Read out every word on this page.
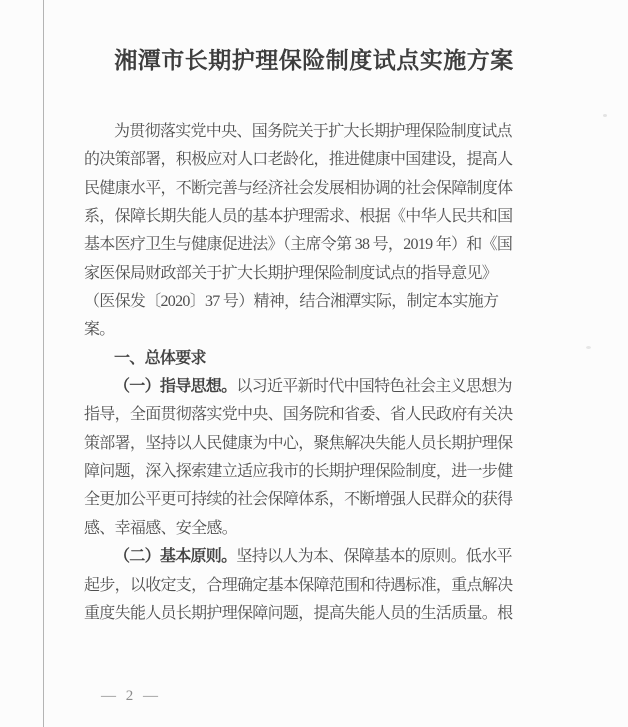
湘潭市长期护理保险制度试点实施方案
为贯彻落实党中央、国务院关于扩大长期护理保险制度试点
的决策部署，积极应对人口老龄化，推进健康中国建设，提高人
民健康水平，不断完善与经济社会发展相协调的社会保障制度体
系，保障长期失能人员的基本护理需求、根据《中华人民共和国
基本医疗卫生与健康促进法》（主席令第 38 号，2019 年）和《国
家医保局财政部关于扩大长期护理保险制度试点的指导意见》
（医保发〔2020〕37 号）精神，结合湘潭实际，制定本实施方
案。
一、总体要求
（一）指导思想。以习近平新时代中国特色社会主义思想为
指导，全面贯彻落实党中央、国务院和省委、省人民政府有关决
策部署，坚持以人民健康为中心，聚焦解决失能人员长期护理保
障问题，深入探索建立适应我市的长期护理保险制度，进一步健
全更加公平更可持续的社会保障体系，不断增强人民群众的获得
感、幸福感、安全感。
（二）基本原则。坚持以人为本、保障基本的原则。低水平
起步，以收定支，合理确定基本保障范围和待遇标准，重点解决
重度失能人员长期护理保障问题，提高失能人员的生活质量。根
— 2 —
